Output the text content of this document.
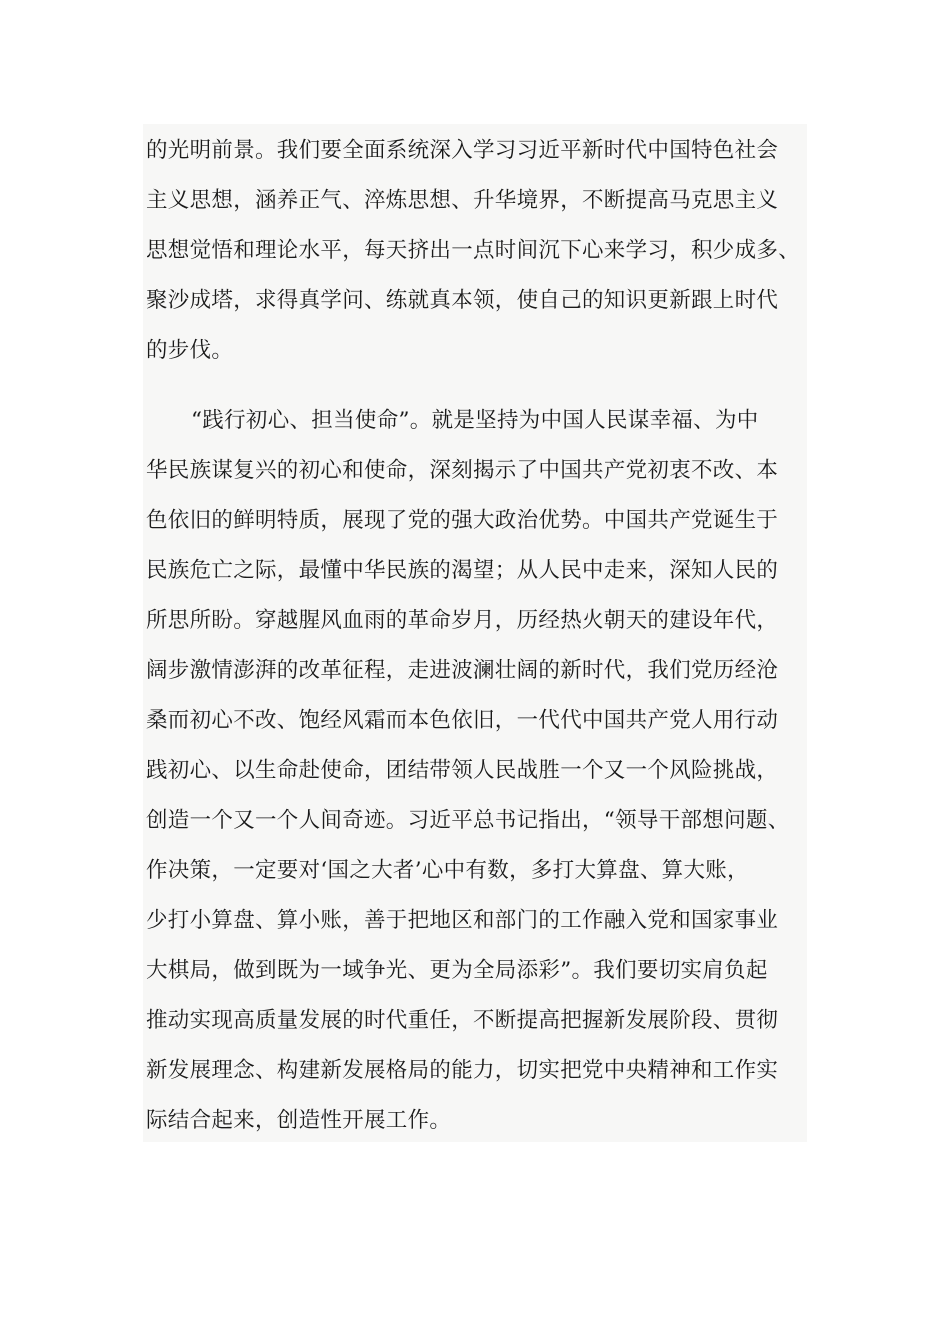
的光明前景。我们要全面系统深入学习习近平新时代中国特色社会
主义思想，涵养正气、淬炼思想、升华境界，不断提高马克思主义
思想觉悟和理论水平，每天挤出一点时间沉下心来学习，积少成多、
聚沙成塔，求得真学问、练就真本领，使自己的知识更新跟上时代
的步伐。
“践行初心、担当使命”。就是坚持为中国人民谋幸福、为中
华民族谋复兴的初心和使命，深刻揭示了中国共产党初衷不改、本
色依旧的鲜明特质，展现了党的强大政治优势。中国共产党诞生于
民族危亡之际，最懂中华民族的渴望；从人民中走来，深知人民的
所思所盼。穿越腥风血雨的革命岁月，历经热火朝天的建设年代，
阔步激情澎湃的改革征程，走进波澜壮阔的新时代，我们党历经沧
桑而初心不改、饱经风霜而本色依旧，一代代中国共产党人用行动
践初心、以生命赴使命，团结带领人民战胜一个又一个风险挑战，
创造一个又一个人间奇迹。习近平总书记指出，“领导干部想问题、
作决策，一定要对‘国之大者’心中有数，多打大算盘、算大账，
少打小算盘、算小账，善于把地区和部门的工作融入党和国家事业
大棋局，做到既为一域争光、更为全局添彩”。我们要切实肩负起
推动实现高质量发展的时代重任，不断提高把握新发展阶段、贯彻
新发展理念、构建新发展格局的能力，切实把党中央精神和工作实
际结合起来，创造性开展工作。
